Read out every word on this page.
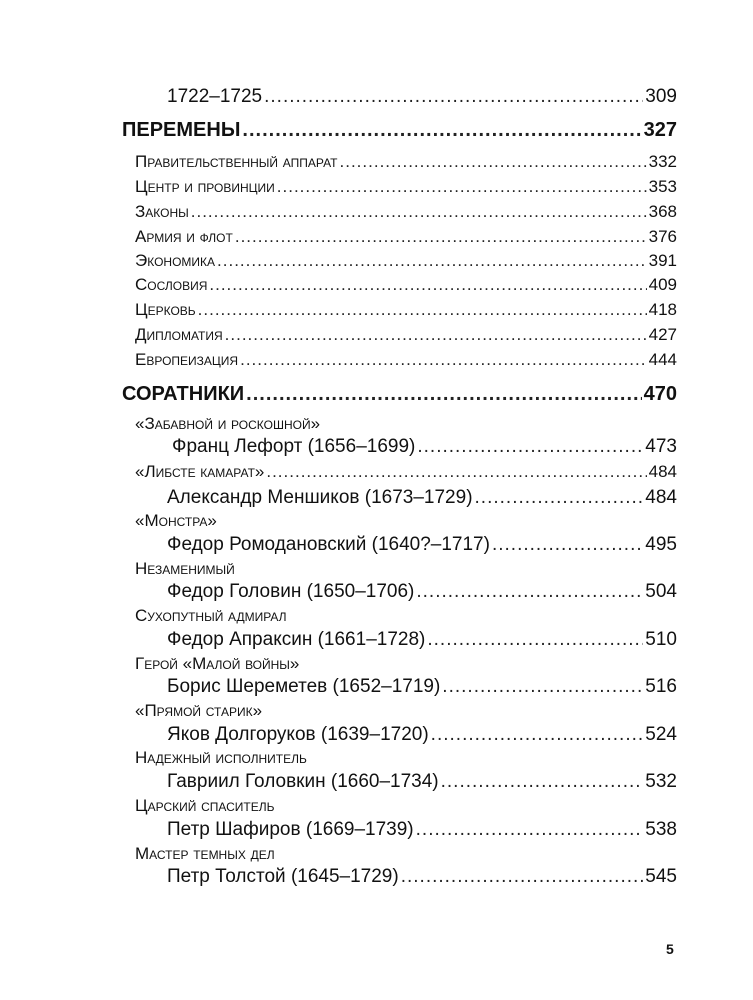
1722–1725 .....	309
ПЕРЕМЕНЫ .....	327
Правительственный аппарат .....	332
Центр и провинции .....	353
Законы .....	368
Армия и флот .....	376
Экономика .....	391
Сословия .....	409
Церковь .....	418
Дипломатия .....	427
Европеизация .....	444
СОРАТНИКИ .....	470
«Забавной и роскошной»
Франц Лефорт (1656–1699) .....	473
«Либсте камарат» .....	484
Александр Меншиков (1673–1729) .....	484
«Монстра»
Федор Ромодановский (1640?–1717) .....	495
Незаменимый
Федор Головин (1650–1706) .....	504
Сухопутный адмирал
Федор Апраксин (1661–1728) .....	510
Герой «Малой войны»
Борис Шереметев (1652–1719) .....	516
«Прямой старик»
Яков Долгоруков (1639–1720) .....	524
Надежный исполнитель
Гавриил Головкин (1660–1734) .....	532
Царский спаситель
Петр Шафиров (1669–1739) .....	538
Мастер темных дел
Петр Толстой (1645–1729) .....	545
5
